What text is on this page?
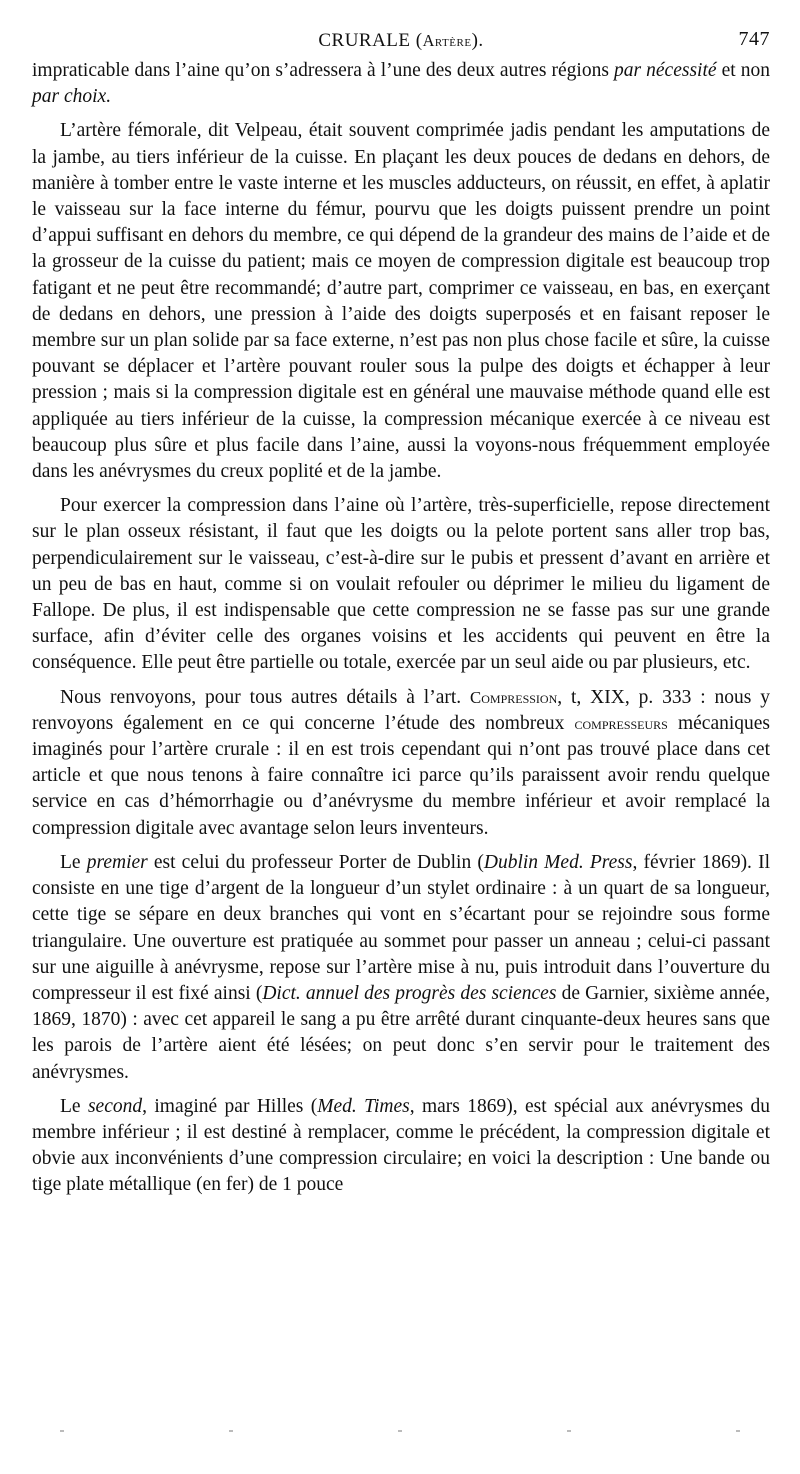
CRURALE (Artère).	747

impraticable dans l’aine qu’on s’adressera à l’une des deux autres régions par nécessité et non par choix.

L’artère fémorale, dit Velpeau, était souvent comprimée jadis pendant les amputations de la jambe, au tiers inférieur de la cuisse. En plaçant les deux pouces de dedans en dehors, de manière à tomber entre le vaste interne et les muscles adducteurs, on réussit, en effet, à aplatir le vaisseau sur la face interne du fémur, pourvu que les doigts puissent prendre un point d’appui suffisant en dehors du membre, ce qui dépend de la grandeur des mains de l’aide et de la grosseur de la cuisse du patient; mais ce moyen de compression digitale est beaucoup trop fatigant et ne peut être recommandé; d’autre part, comprimer ce vaisseau, en bas, en exerçant de dedans en dehors, une pression à l’aide des doigts superposés et en faisant reposer le membre sur un plan solide par sa face externe, n’est pas non plus chose facile et sûre, la cuisse pouvant se déplacer et l’artère pouvant rouler sous la pulpe des doigts et échapper à leur pression ; mais si la compression digitale est en général une mauvaise méthode quand elle est appliquée au tiers inférieur de la cuisse, la compression mécanique exercée à ce niveau est beaucoup plus sûre et plus facile dans l’aine, aussi la voyons-nous fréquemment employée dans les anévrysmes du creux poplité et de la jambe.

Pour exercer la compression dans l’aine où l’artère, très-superficielle, repose directement sur le plan osseux résistant, il faut que les doigts ou la pelote portent sans aller trop bas, perpendiculairement sur le vaisseau, c’est-à-dire sur le pubis et pressent d’avant en arrière et un peu de bas en haut, comme si on voulait refouler ou déprimer le milieu du ligament de Fallope. De plus, il est indispensable que cette compression ne se fasse pas sur une grande surface, afin d’éviter celle des organes voisins et les accidents qui peuvent en être la conséquence. Elle peut être partielle ou totale, exercée par un seul aide ou par plusieurs, etc.

Nous renvoyons, pour tous autres détails à l’art. Compression, t, XIX, p. 333 : nous y renvoyons également en ce qui concerne l’étude des nombreux compresseurs mécaniques imaginés pour l’artère crurale : il en est trois cependant qui n’ont pas trouvé place dans cet article et que nous tenons à faire connaître ici parce qu’ils paraissent avoir rendu quelque service en cas d’hémorrhagie ou d’anévrysme du membre inférieur et avoir remplacé la compression digitale avec avantage selon leurs inventeurs.

Le premier est celui du professeur Porter de Dublin (Dublin Med. Press, février 1869). Il consiste en une tige d’argent de la longueur d’un stylet ordinaire : à un quart de sa longueur, cette tige se sépare en deux branches qui vont en s’écartant pour se rejoindre sous forme triangulaire. Une ouverture est pratiquée au sommet pour passer un anneau ; celui-ci passant sur une aiguille à anévrysme, repose sur l’artère mise à nu, puis introduit dans l’ouverture du compresseur il est fixé ainsi (Dict. annuel des progrès des sciences de Garnier, sixième année, 1869, 1870) : avec cet appareil le sang a pu être arrêté durant cinquante-deux heures sans que les parois de l’artère aient été lésées; on peut donc s’en servir pour le traitement des anévrysmes.

Le second, imaginé par Hilles (Med. Times, mars 1869), est spécial aux anévrysmes du membre inférieur ; il est destiné à remplacer, comme le précédent, la compression digitale et obvie aux inconvénients d’une compression circulaire; en voici la description : Une bande ou tige plate métallique (en fer) de 1 pouce
